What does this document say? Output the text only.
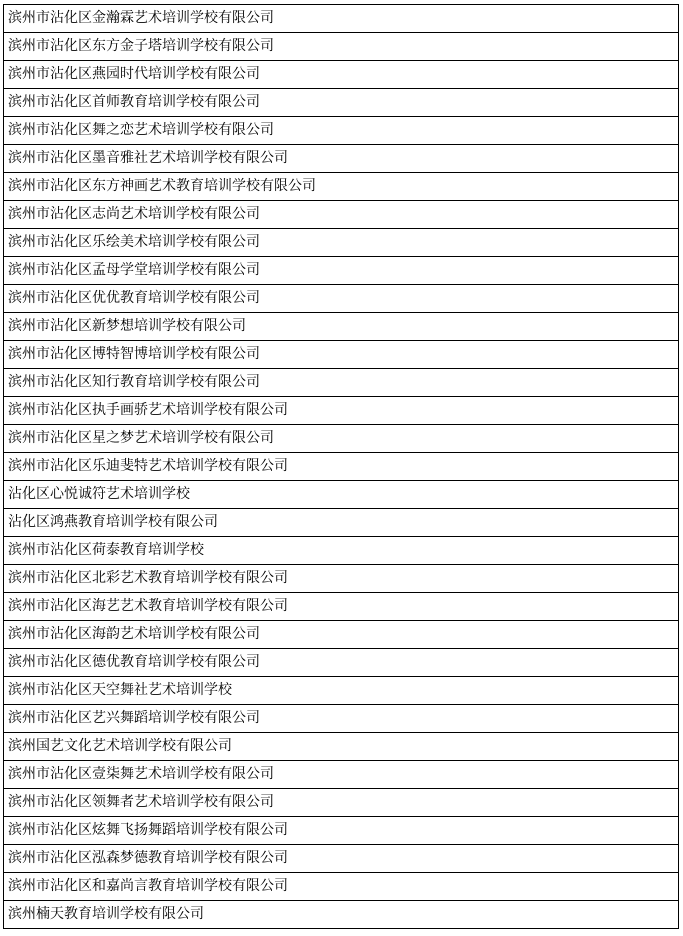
滨州市沾化区金瀚霖艺术培训学校有限公司
滨州市沾化区东方金子塔培训学校有限公司
滨州市沾化区燕园时代培训学校有限公司
滨州市沾化区首师教育培训学校有限公司
滨州市沾化区舞之恋艺术培训学校有限公司
滨州市沾化区墨音雅社艺术培训学校有限公司
滨州市沾化区东方神画艺术教育培训学校有限公司
滨州市沾化区志尚艺术培训学校有限公司
滨州市沾化区乐绘美术培训学校有限公司
滨州市沾化区孟母学堂培训学校有限公司
滨州市沾化区优优教育培训学校有限公司
滨州市沾化区新梦想培训学校有限公司
滨州市沾化区博特智博培训学校有限公司
滨州市沾化区知行教育培训学校有限公司
滨州市沾化区执手画骄艺术培训学校有限公司
滨州市沾化区星之梦艺术培训学校有限公司
滨州市沾化区乐迪斐特艺术培训学校有限公司
沾化区心悦诚符艺术培训学校
沾化区鸿燕教育培训学校有限公司
滨州市沾化区荷泰教育培训学校
滨州市沾化区北彩艺术教育培训学校有限公司
滨州市沾化区海艺艺术教育培训学校有限公司
滨州市沾化区海韵艺术培训学校有限公司
滨州市沾化区德优教育培训学校有限公司
滨州市沾化区天空舞社艺术培训学校
滨州市沾化区艺兴舞蹈培训学校有限公司
滨州国艺文化艺术培训学校有限公司
滨州市沾化区壹柒舞艺术培训学校有限公司
滨州市沾化区领舞者艺术培训学校有限公司
滨州市沾化区炫舞飞扬舞蹈培训学校有限公司
滨州市沾化区泓森梦德教育培训学校有限公司
滨州市沾化区和嘉尚言教育培训学校有限公司
滨州楠天教育培训学校有限公司
